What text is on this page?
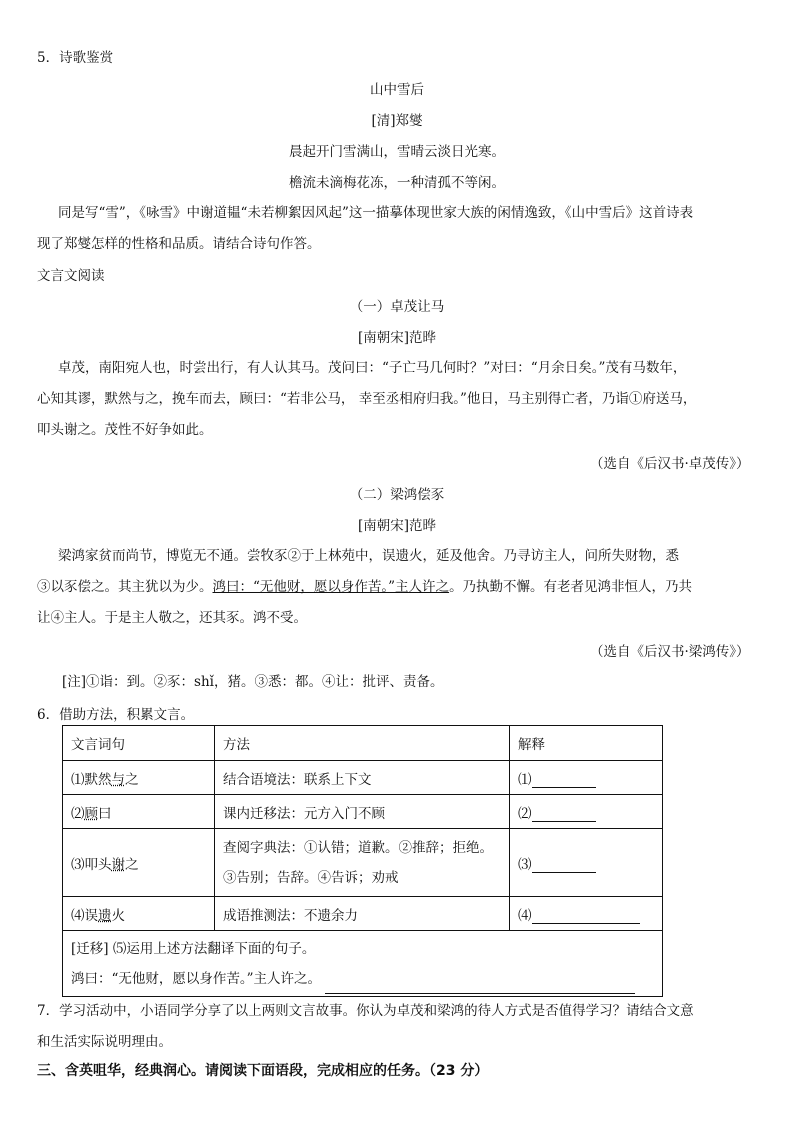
5．诗歌鉴赏
山中雪后
[清]郑燮
晨起开门雪满山，雪晴云淡日光寒。
檐流未滴梅花冻，一种清孤不等闲。
同是写“雪”，《咏雪》中谢道韫“未若柳絮因风起”这一描摹体现世家大族的闲情逸致，《山中雪后》这首诗表
现了郑燮怎样的性格和品质。请结合诗句作答。
文言文阅读
（一）卓茂让马
[南朝宋]范晔
卓茂，南阳宛人也，时尝出行，有人认其马。茂问曰：“子亡马几何时？”对曰：“月余日矣。”茂有马数年，
心知其谬，默然与之，挽车而去，顾曰：“若非公马， 幸至丞相府归我。”他日，马主别得亡者，乃诣①府送马，
叩头谢之。茂性不好争如此。
（选自《后汉书·卓茂传》）
（二）梁鸿偿豕
[南朝宋]范晔
梁鸿家贫而尚节，博览无不通。尝牧豕②于上林苑中，误遗火，延及他舍。乃寻访主人，问所失财物，悉
③以豕偿之。其主犹以为少。鸿曰：“无他财，愿以身作苦。”主人许之。乃执勤不懈。有老者见鸿非恒人，乃共
让④主人。于是主人敬之，还其豕。鸿不受。
（选自《后汉书·梁鸿传》）
[注]①诣：到。②豕：shǐ，猪。③悉：都。④让：批评、责备。
6．借助方法，积累文言。
文言词句	方法	解释
⑴默然与之	结合语境法：联系上下文	⑴
⑵顾曰	课内迁移法：元方入门不顾	⑵
⑶叩头谢之	查阅字典法：①认错；道歉。②推辞；拒绝。
③告别；告辞。④告诉；劝戒	⑶
⑷误遗火	成语推测法：不遗余力	⑷

[迁移] ⑸运用上述方法翻译下面的句子。
鸿曰：“无他财，愿以身作苦。”主人许之。		
7．学习活动中，小语同学分享了以上两则文言故事。你认为卓茂和梁鸿的待人方式是否值得学习？请结合文意
和生活实际说明理由。
三、含英咀华，经典润心。请阅读下面语段，完成相应的任务。（23 分）
